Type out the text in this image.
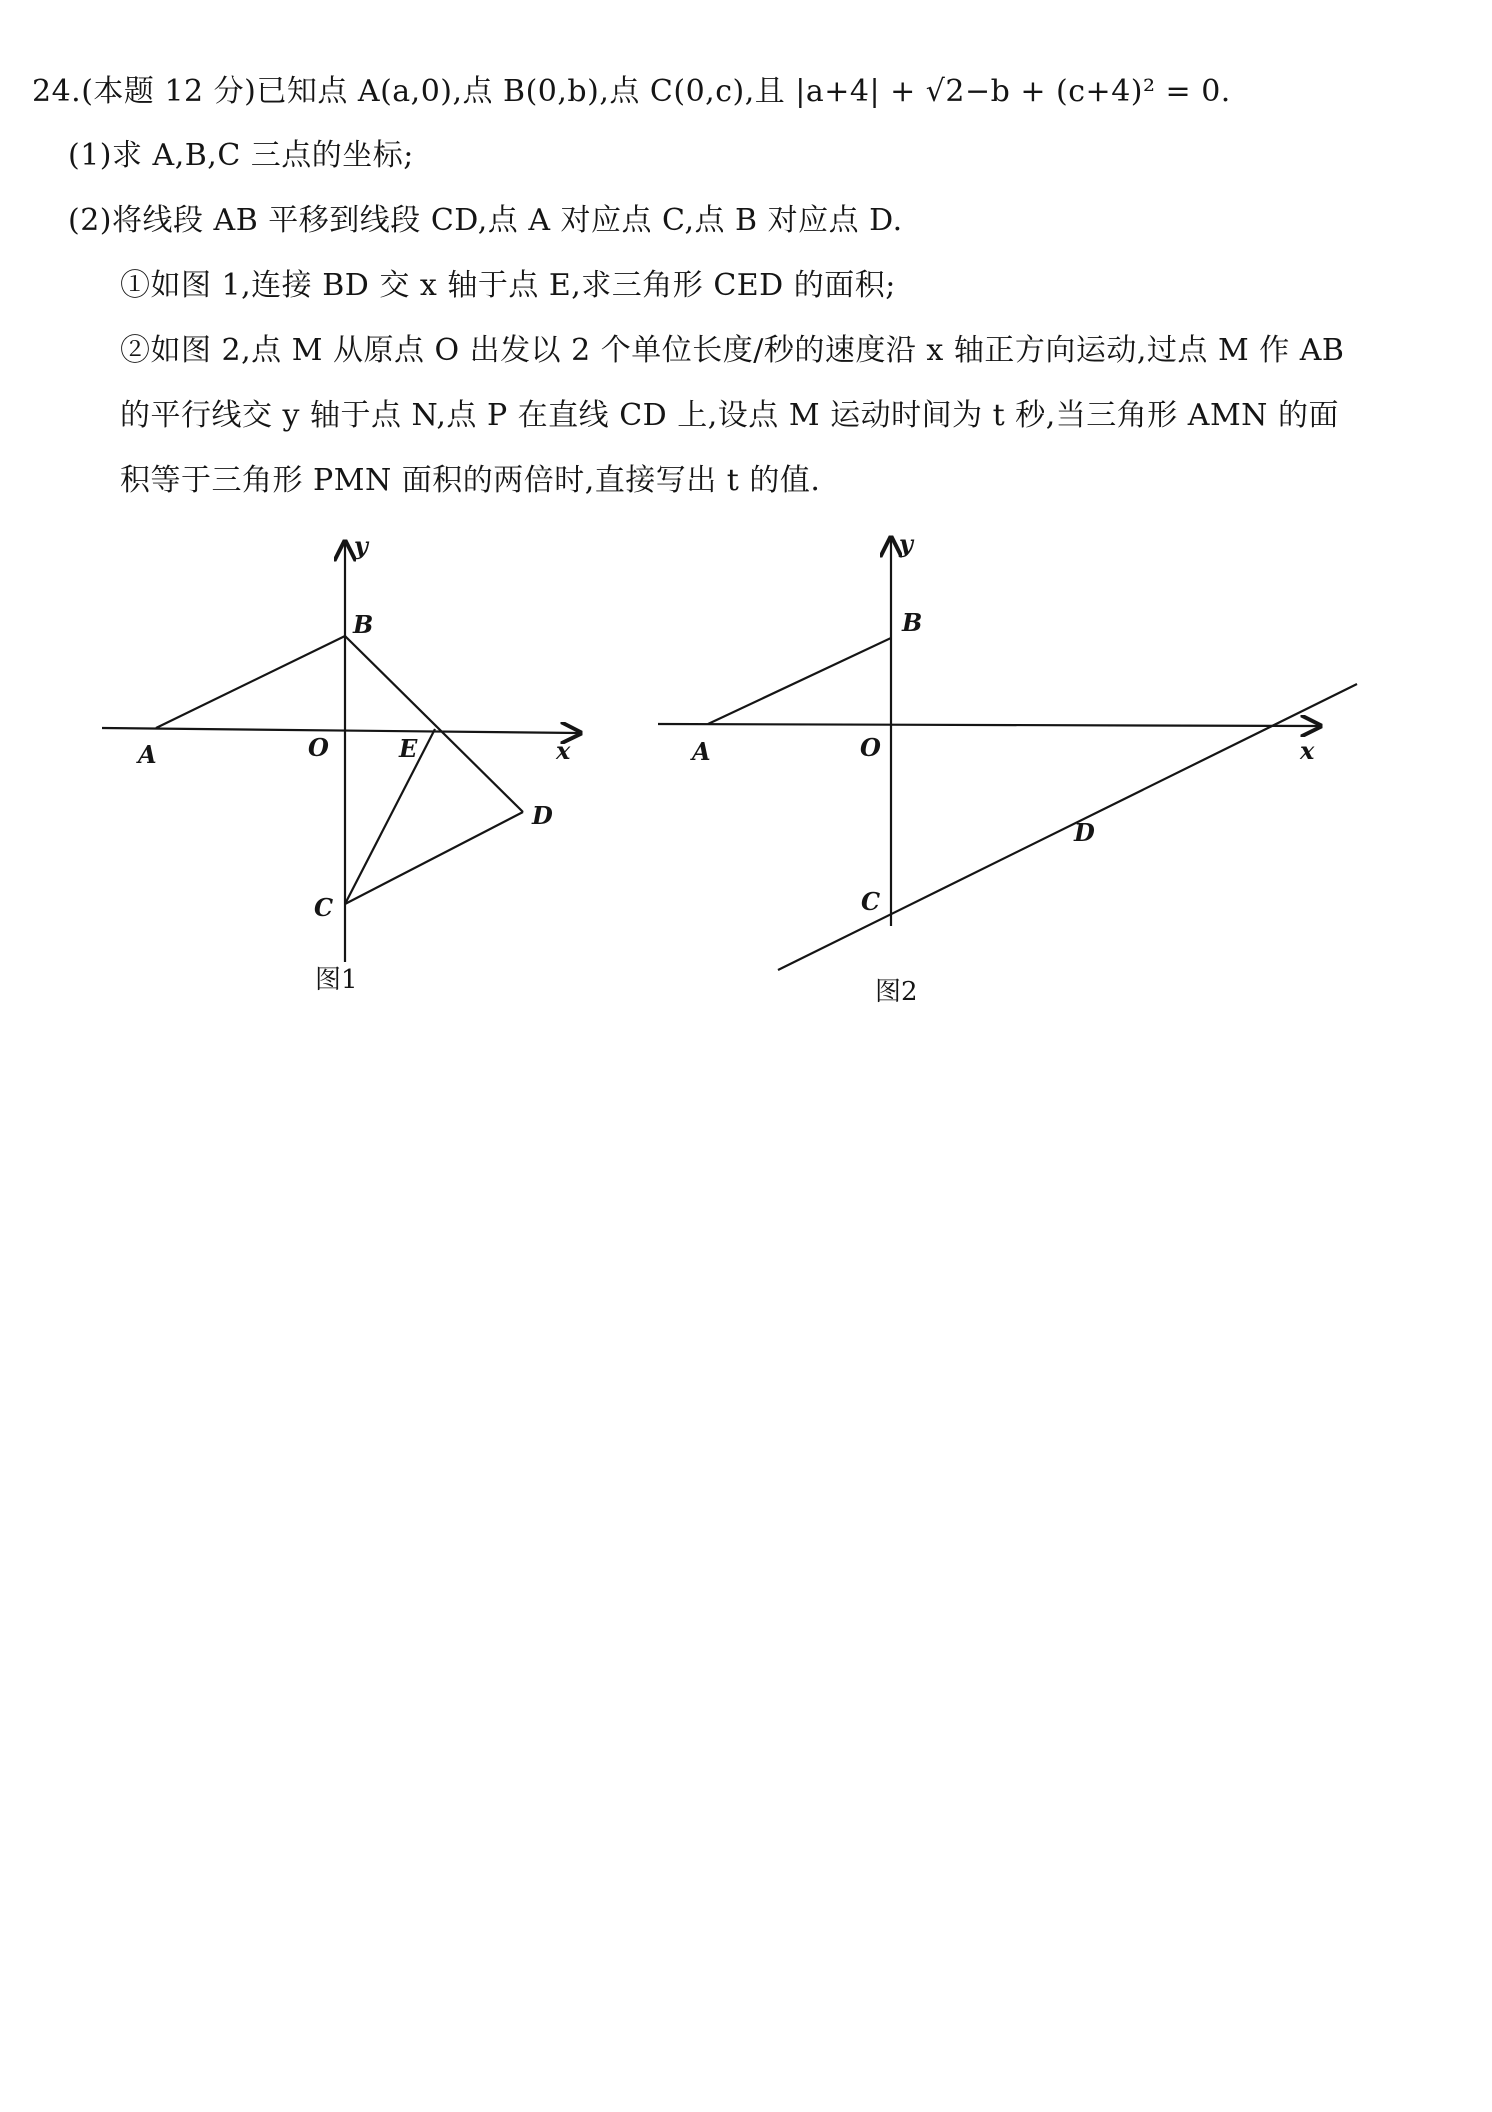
24.(本题 12 分)已知点 A(a,0),点 B(0,b),点 C(0,c),且 |a+4| + √2−b + (c+4)² = 0.
(1)求 A,B,C 三点的坐标;
(2)将线段 AB 平移到线段 CD,点 A 对应点 C,点 B 对应点 D.
①如图 1,连接 BD 交 x 轴于点 E,求三角形 CED 的面积;
②如图 2,点 M 从原点 O 出发以 2 个单位长度/秒的速度沿 x 轴正方向运动,过点 M 作 AB
的平行线交 y 轴于点 N,点 P 在直线 CD 上,设点 M 运动时间为 t 秒,当三角形 AMN 的面
积等于三角形 PMN 面积的两倍时,直接写出 t 的值.
y
B
A	O	E	x
D
C
图1
y
B
A	O	x
D
C
图2
